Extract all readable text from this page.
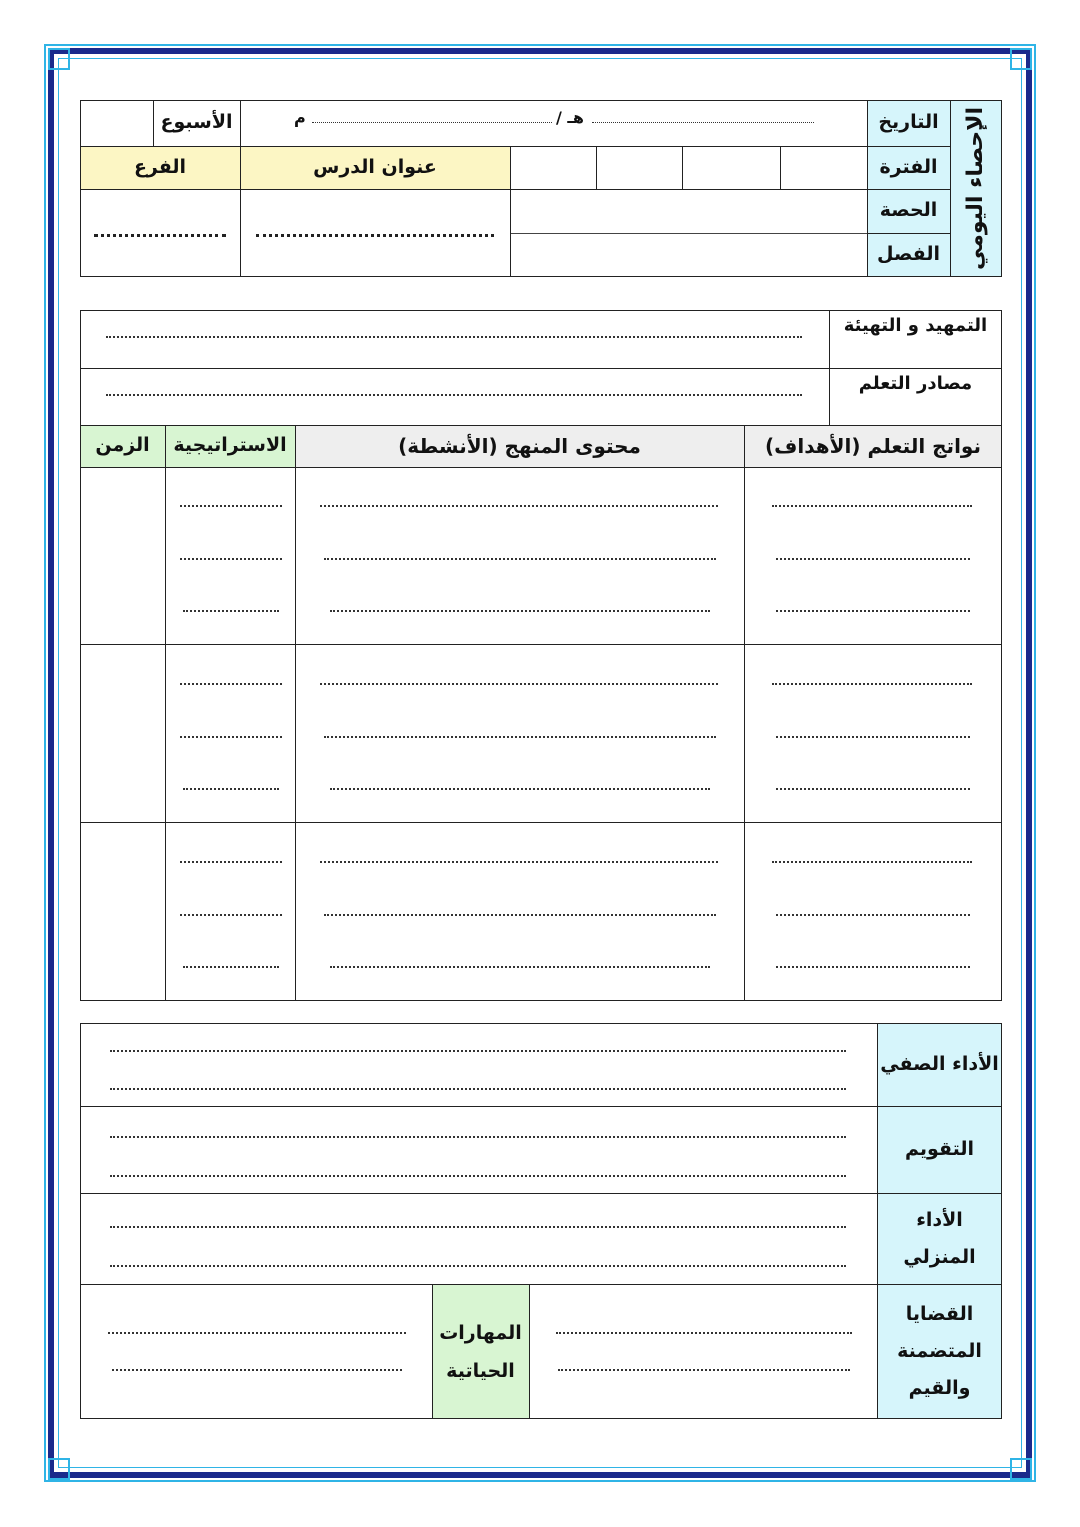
الإحصاء اليومي
التاريخ
الفترة
الحصة
الفصل
هـ /
م
الأسبوع
عنوان الدرس
الفرع
التمهيد و التهيئة
مصادر التعلم
نواتج التعلم (الأهداف)
محتوى المنهج (الأنشطة)
الاستراتيجية
الزمن
الأداء الصفي
التقويم
الأداء
المنزلي
القضايا
المتضمنة
والقيم
المهارات
الحياتية
